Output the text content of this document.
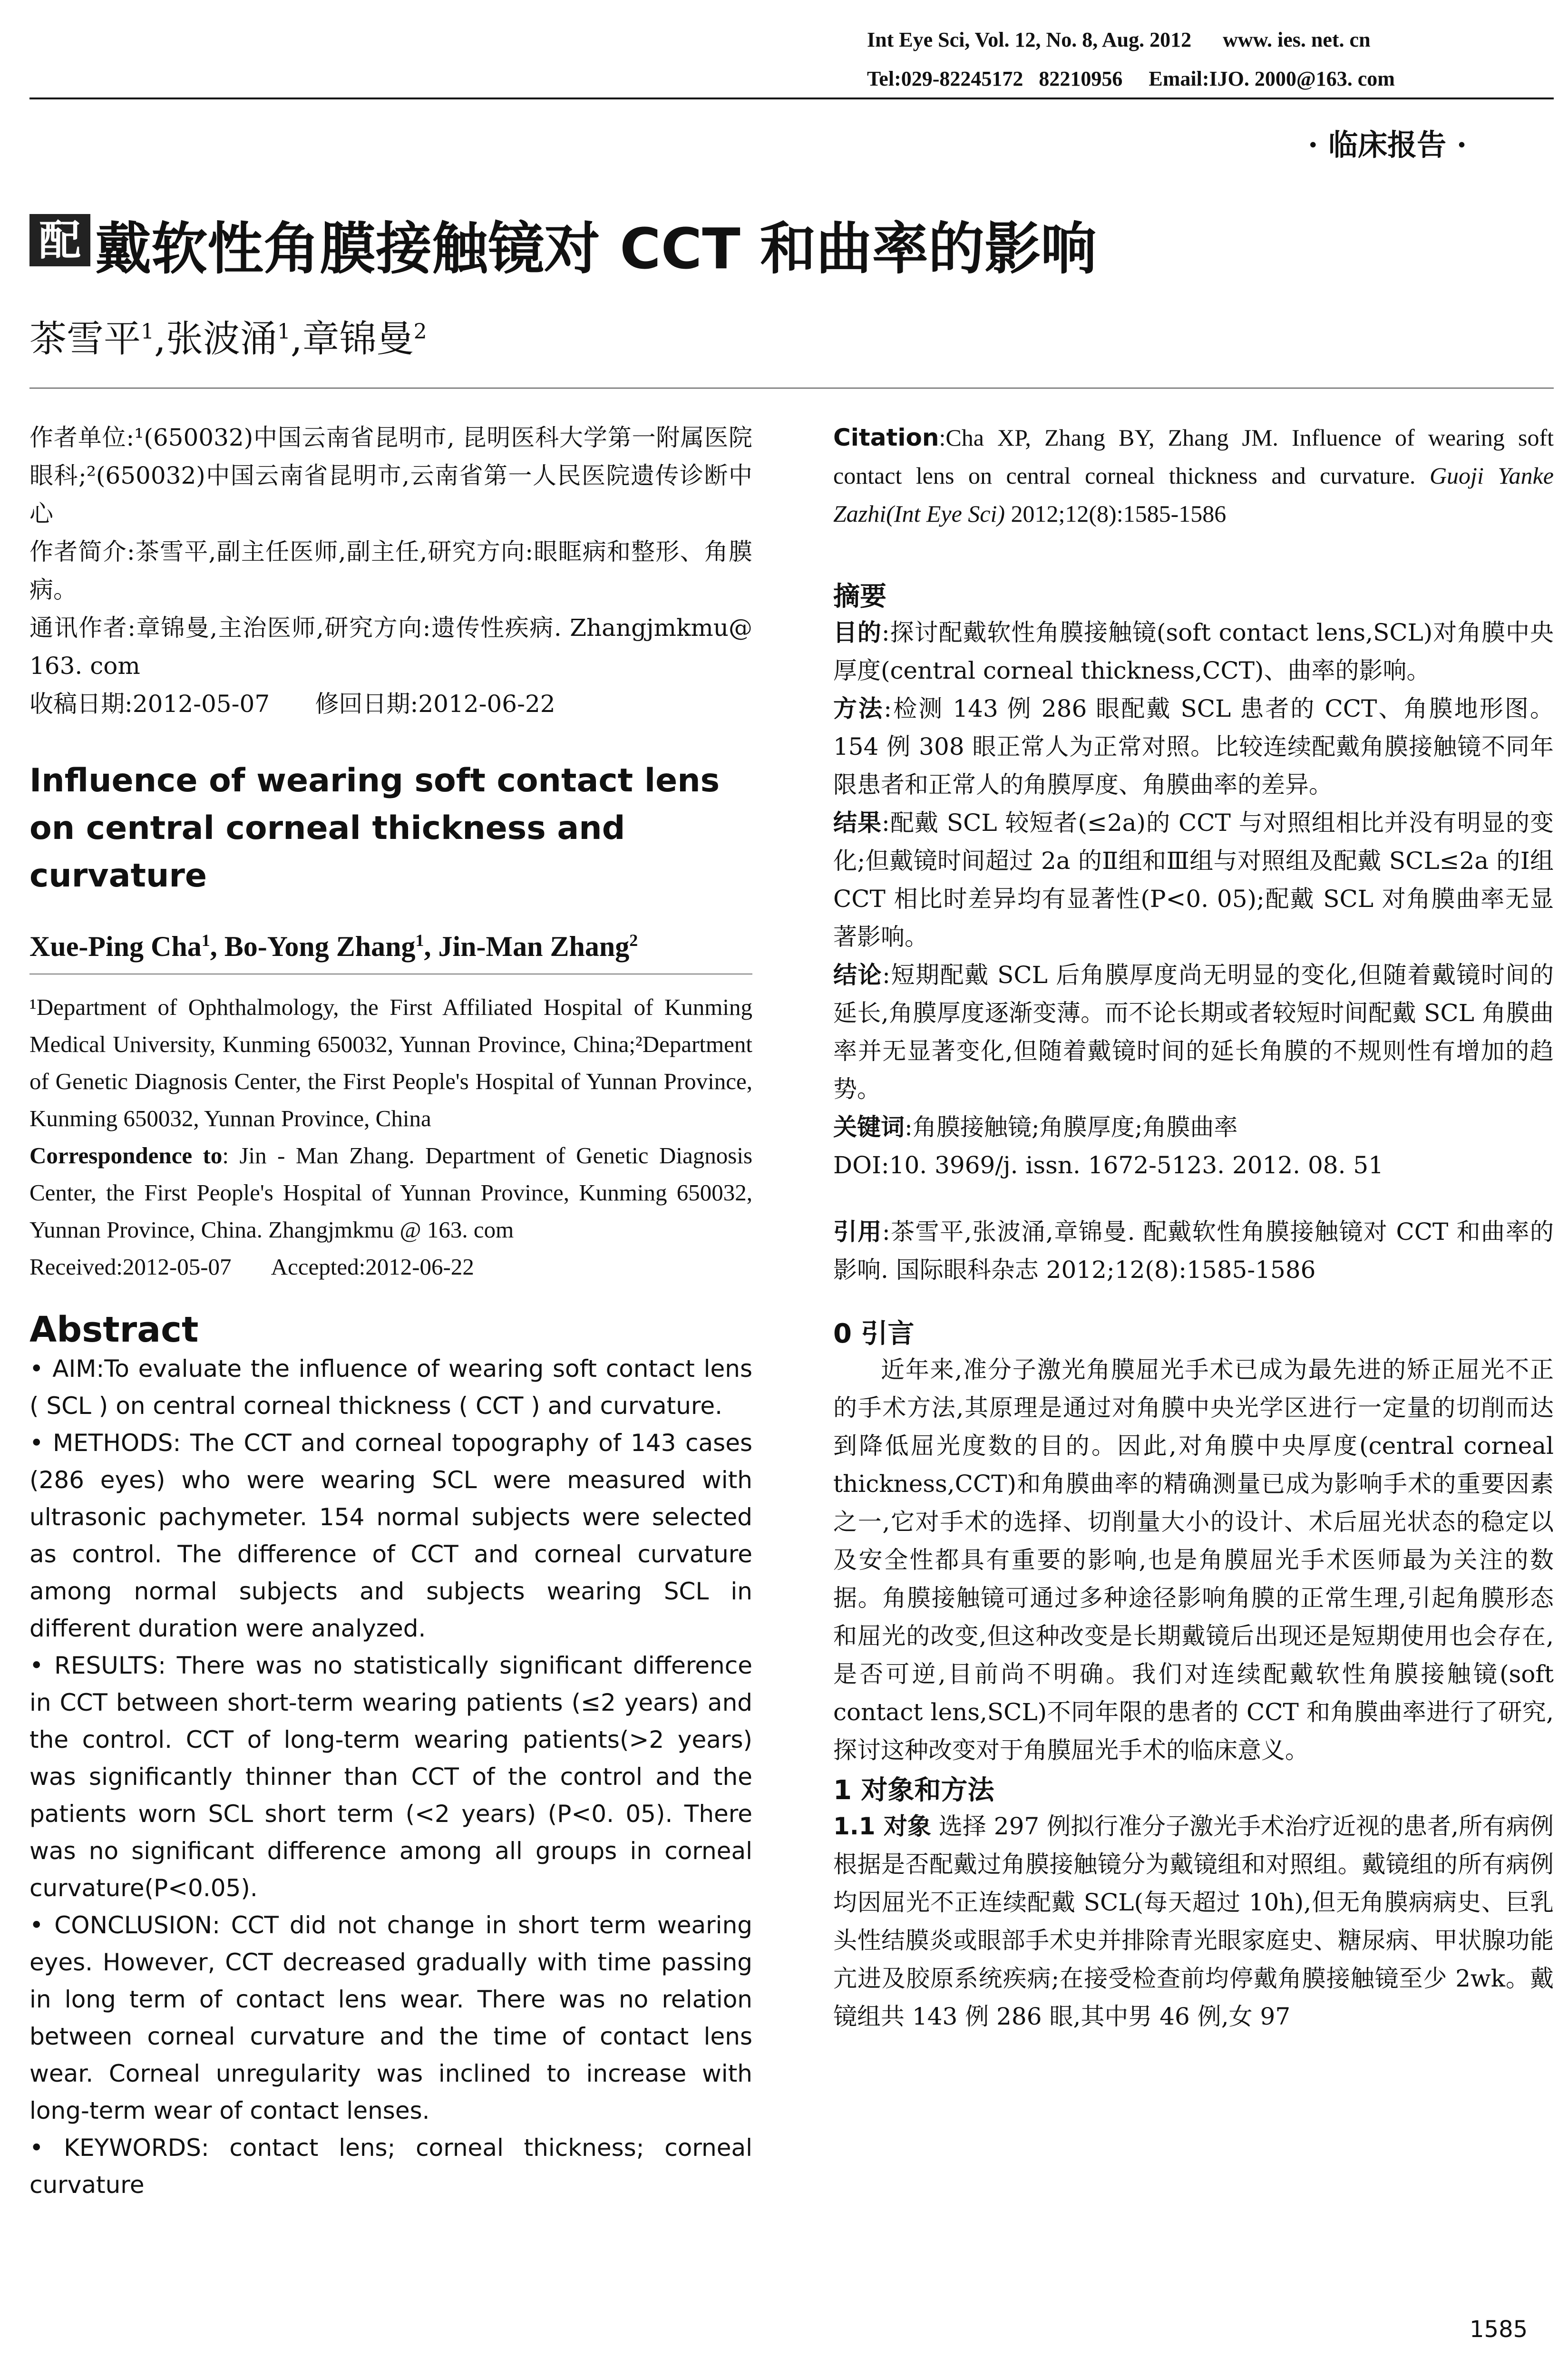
Int Eye Sci, Vol. 12, No. 8, Aug. 2012      www. ies. net. cn
Tel:029-82245172   82210956     Email:IJO. 2000@163. com
· 临床报告 ·
配 戴软性角膜接触镜对 CCT 和曲率的影响
茶雪平$^1$,张波涌$^1$,章锦曼$^2$

作者单位:¹(650032)中国云南省昆明市, 昆明医科大学第一附属医院眼科;²(650032)中国云南省昆明市,云南省第一人民医院遗传诊断中心

作者简介:茶雪平,副主任医师,副主任,研究方向:眼眶病和整形、角膜病。

通讯作者:章锦曼,主治医师,研究方向:遗传性疾病. Zhangjmkmu@ 163. com

收稿日期:2012-05-07      修回日期:2012-06-22

Influence of wearing soft contact lens on central corneal thickness and curvature
Xue-Ping Cha$^1$, Bo-Yong Zhang$^1$, Jin-Man Zhang$^2$

¹Department of Ophthalmology, the First Affiliated Hospital of Kunming Medical University, Kunming 650032, Yunnan Province, China;²Department of Genetic Diagnosis Center, the First People's Hospital of Yunnan Province, Kunming 650032, Yunnan Province, China

Correspondence to: Jin - Man Zhang. Department of Genetic Diagnosis Center, the First People's Hospital of Yunnan Province, Kunming 650032, Yunnan Province, China. Zhangjmkmu @ 163. com

Received:2012-05-07       Accepted:2012-06-22

Abstract

• AIM:To evaluate the influence of wearing soft contact lens ( SCL ) on central corneal thickness ( CCT ) and curvature.

• METHODS: The CCT and corneal topography of 143 cases (286 eyes) who were wearing SCL were measured with ultrasonic pachymeter. 154 normal subjects were selected as control. The difference of CCT and corneal curvature among normal subjects and subjects wearing SCL in different duration were analyzed.

• RESULTS: There was no statistically significant difference in CCT between short-term wearing patients (≤2 years) and the control. CCT of long-term wearing patients(>2 years) was significantly thinner than CCT of the control and the patients worn SCL short term (<2 years) (P<0. 05). There was no significant difference among all groups in corneal curvature(P<0.05).

• CONCLUSION: CCT did not change in short term wearing eyes. However, CCT decreased gradually with time passing in long term of contact lens wear. There was no relation between corneal curvature and the time of contact lens wear. Corneal unregularity was inclined to increase with long-term wear of contact lenses.

• KEYWORDS: contact lens; corneal thickness; corneal curvature

Citation:Cha XP, Zhang BY, Zhang JM. Influence of wearing soft contact lens on central corneal thickness and curvature. Guoji Yanke Zazhi(Int Eye Sci) 2012;12(8):1585-1586

摘要

目的:探讨配戴软性角膜接触镜(soft contact lens,SCL)对角膜中央厚度(central corneal thickness,CCT)、曲率的影响。

方法:检测 143 例 286 眼配戴 SCL 患者的 CCT、角膜地形图。154 例 308 眼正常人为正常对照。比较连续配戴角膜接触镜不同年限患者和正常人的角膜厚度、角膜曲率的差异。

结果:配戴 SCL 较短者(≤2a)的 CCT 与对照组相比并没有明显的变化;但戴镜时间超过 2a 的Ⅱ组和Ⅲ组与对照组及配戴 SCL≤2a 的Ⅰ组 CCT 相比时差异均有显著性(P<0. 05);配戴 SCL 对角膜曲率无显著影响。

结论:短期配戴 SCL 后角膜厚度尚无明显的变化,但随着戴镜时间的延长,角膜厚度逐渐变薄。而不论长期或者较短时间配戴 SCL 角膜曲率并无显著变化,但随着戴镜时间的延长角膜的不规则性有增加的趋势。

关键词:角膜接触镜;角膜厚度;角膜曲率

DOI:10. 3969/j. issn. 1672-5123. 2012. 08. 51

引用:茶雪平,张波涌,章锦曼. 配戴软性角膜接触镜对 CCT 和曲率的影响. 国际眼科杂志 2012;12(8):1585-1586

0 引言

近年来,准分子激光角膜屈光手术已成为最先进的矫正屈光不正的手术方法,其原理是通过对角膜中央光学区进行一定量的切削而达到降低屈光度数的目的。因此,对角膜中央厚度(central corneal thickness,CCT)和角膜曲率的精确测量已成为影响手术的重要因素之一,它对手术的选择、切削量大小的设计、术后屈光状态的稳定以及安全性都具有重要的影响,也是角膜屈光手术医师最为关注的数据。角膜接触镜可通过多种途径影响角膜的正常生理,引起角膜形态和屈光的改变,但这种改变是长期戴镜后出现还是短期使用也会存在,是否可逆,目前尚不明确。我们对连续配戴软性角膜接触镜(soft contact lens,SCL)不同年限的患者的 CCT 和角膜曲率进行了研究,探讨这种改变对于角膜屈光手术的临床意义。

1 对象和方法

1.1 对象 选择 297 例拟行准分子激光手术治疗近视的患者,所有病例根据是否配戴过角膜接触镜分为戴镜组和对照组。戴镜组的所有病例均因屈光不正连续配戴 SCL(每天超过 10h),但无角膜病病史、巨乳头性结膜炎或眼部手术史并排除青光眼家庭史、糖尿病、甲状腺功能亢进及胶原系统疾病;在接受检查前均停戴角膜接触镜至少 2wk。戴镜组共 143 例 286 眼,其中男 46 例,女 97

1585
